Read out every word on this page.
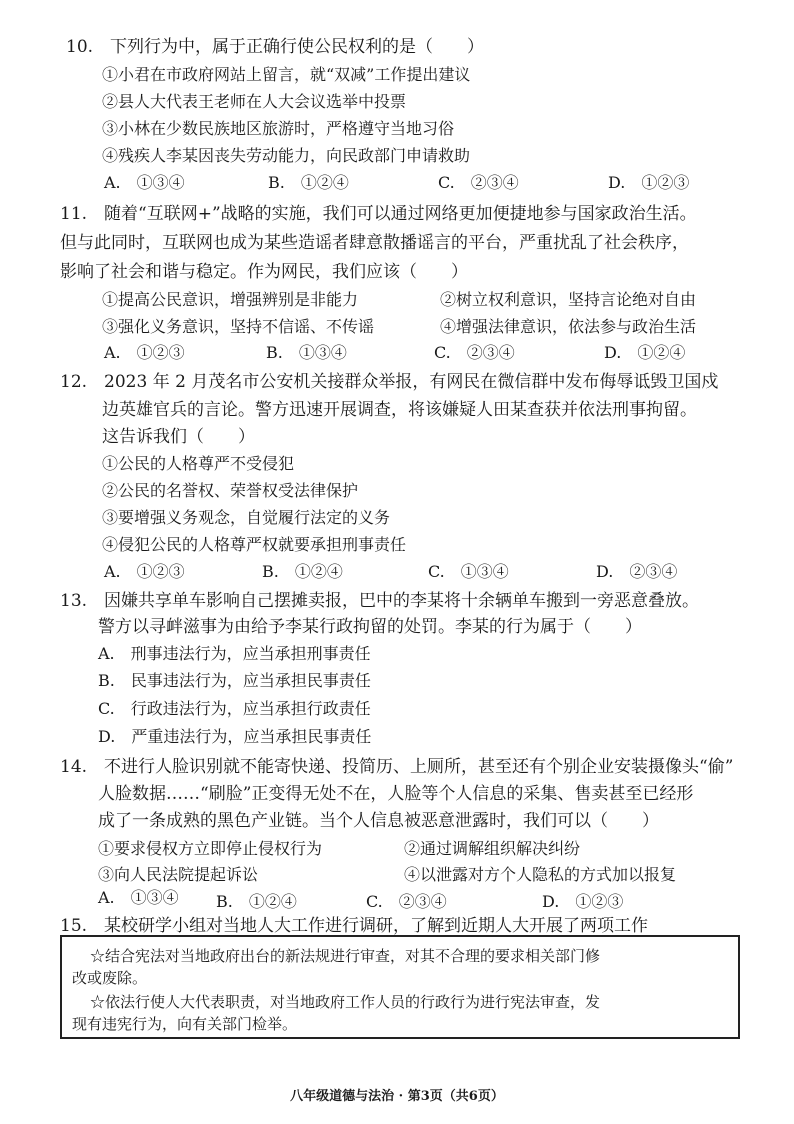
10.　下列行为中，属于正确行使公民权利的是（　　）
①小君在市政府网站上留言，就“双减”工作提出建议
②县人大代表王老师在人大会议选举中投票
③小林在少数民族地区旅游时，严格遵守当地习俗
④残疾人李某因丧失劳动能力，向民政部门申请救助
A.　①③④	B.　①②④	C.　②③④	D.　①②③
11.　随着“互联网+”战略的实施，我们可以通过网络更加便捷地参与国家政治生活。
但与此同时，互联网也成为某些造谣者肆意散播谣言的平台，严重扰乱了社会秩序，
影响了社会和谐与稳定。作为网民，我们应该（　　）
①提高公民意识，增强辨别是非能力	②树立权利意识，坚持言论绝对自由
③强化义务意识，坚持不信谣、不传谣	④增强法律意识，依法参与政治生活
A.　①②③	B.　①③④	C.　②③④	D.　①②④
12.　2023 年 2 月茂名市公安机关接群众举报，有网民在微信群中发布侮辱诋毁卫国戍
边英雄官兵的言论。警方迅速开展调查，将该嫌疑人田某查获并依法刑事拘留。
这告诉我们（　　）
①公民的人格尊严不受侵犯
②公民的名誉权、荣誉权受法律保护
③要增强义务观念，自觉履行法定的义务
④侵犯公民的人格尊严权就要承担刑事责任
A.　①②③	B.　①②④	C.　①③④	D.　②③④
13.　因嫌共享单车影响自己摆摊卖报，巴中的李某将十余辆单车搬到一旁恶意叠放。
警方以寻衅滋事为由给予李某行政拘留的处罚。李某的行为属于（　　）
A.　刑事违法行为，应当承担刑事责任
B.　民事违法行为，应当承担民事责任
C.　行政违法行为，应当承担行政责任
D.　严重违法行为，应当承担民事责任
14.　不进行人脸识别就不能寄快递、投简历、上厕所，甚至还有个别企业安装摄像头“偷”
人脸数据……“刷脸”正变得无处不在，人脸等个人信息的采集、售卖甚至已经形
成了一条成熟的黑色产业链。当个人信息被恶意泄露时，我们可以（　　）
①要求侵权方立即停止侵权行为	②通过调解组织解决纠纷
③向人民法院提起诉讼	④以泄露对方个人隐私的方式加以报复
A.　①③④ B.　①②④	C.　②③④	D.　①②③
15.　某校研学小组对当地人大工作进行调研，了解到近期人大开展了两项工作
☆结合宪法对当地政府出台的新法规进行审查，对其不合理的要求相关部门修
改或废除。
☆依法行使人大代表职责，对当地政府工作人员的行政行为进行宪法审查，发
现有违宪行为，向有关部门检举。
八年级道德与法治 · 第3页（共6页）
